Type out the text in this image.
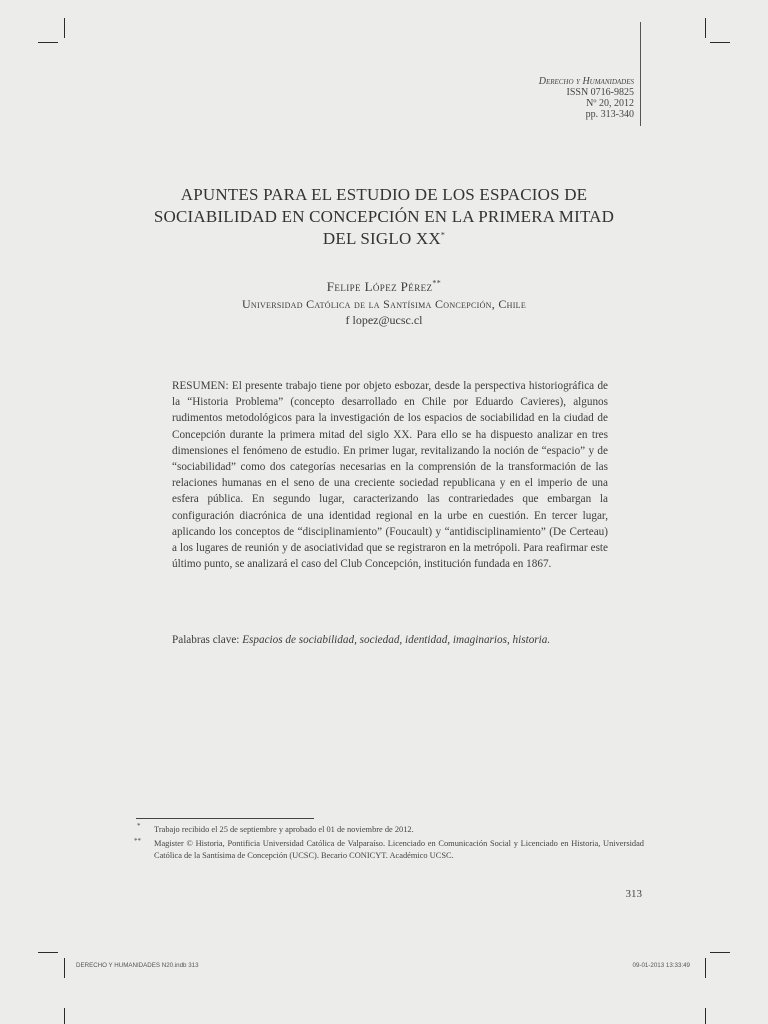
Derecho y Humanidades
ISSN 0716-9825
Nº 20, 2012
pp. 313-340
APUNTES PARA EL ESTUDIO DE LOS ESPACIOS DE
SOCIABILIDAD EN CONCEPCIÓN EN LA PRIMERA MITAD
DEL SIGLO XX*
Felipe López Pérez**
Universidad Católica de la Santísima Concepción, Chile
f lopez@ucsc.cl

RESUMEN: El presente trabajo tiene por objeto esbozar, desde la perspectiva historiográfica de la “Historia Problema” (concepto desarrollado en Chile por Eduardo Cavieres), algunos rudimentos metodológicos para la investigación de los espacios de sociabilidad en la ciudad de Concepción durante la primera mitad del siglo XX. Para ello se ha dispuesto analizar en tres dimensiones el fenómeno de estudio. En primer lugar, revitalizando la noción de “espacio” y de “sociabilidad” como dos categorías necesarias en la comprensión de la transformación de las relaciones humanas en el seno de una creciente sociedad republicana y en el imperio de una esfera pública. En segundo lugar, caracterizando las contrariedades que embargan la configuración diacrónica de una identidad regional en la urbe en cuestión. En tercer lugar, aplicando los conceptos de “disciplinamiento” (Foucault) y “antidisciplinamiento” (De Certeau) a los lugares de reunión y de asociatividad que se registraron en la metrópoli. Para reafirmar este último punto, se analizará el caso del Club Concepción, institución fundada en 1867.

Palabras clave: Espacios de sociabilidad, sociedad, identidad, imaginarios, historia.

* Trabajo recibido el 25 de septiembre y aprobado el 01 de noviembre de 2012.
** Magister © Historia, Pontificia Universidad Católica de Valparaíso. Licenciado en Comunicación Social y Licenciado en Historia, Universidad Católica de la Santísima de Concepción (UCSC). Becario CONICYT. Académico UCSC.
313
DERECHO Y HUMANIDADES N20.indb 313	09-01-2013 13:33:49
